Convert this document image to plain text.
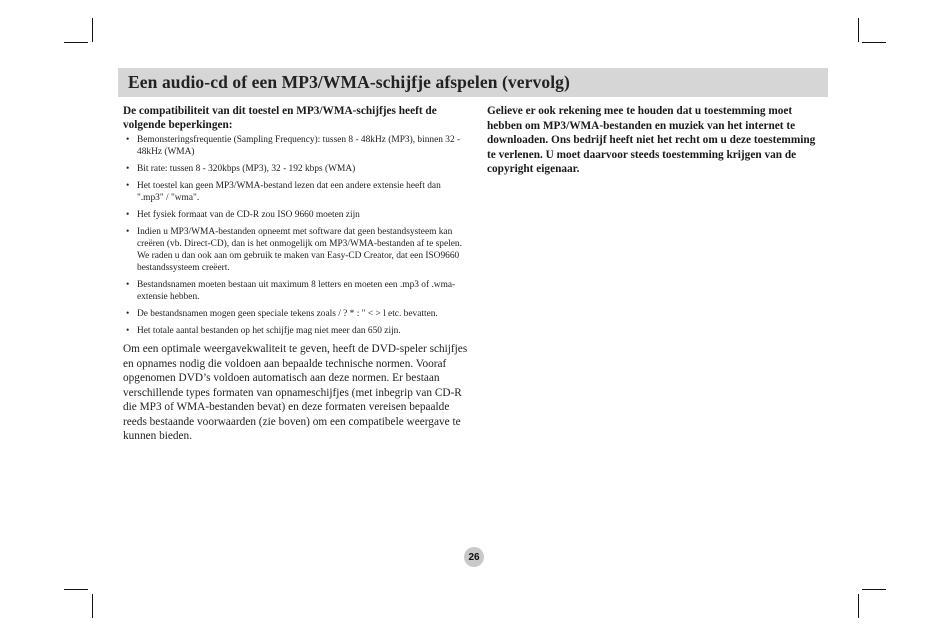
Een audio-cd of een MP3/WMA-schijfje afspelen (vervolg)

De compatibiliteit van dit toestel en MP3/WMA-schijfjes heeft de volgende beperkingen:

• Bemonsteringsfrequentie (Sampling Frequency): tussen 8 - 48kHz (MP3), binnen 32 - 48kHz (WMA)
• Bit rate: tussen 8 - 320kbps (MP3), 32 - 192 kbps (WMA)
• Het toestel kan geen MP3/WMA-bestand lezen dat een andere extensie heeft dan ".mp3" / "wma".
• Het fysiek formaat van de CD-R zou ISO 9660 moeten zijn
• Indien u MP3/WMA-bestanden opneemt met software dat geen bestandsysteem kan creëren (vb. Direct-CD), dan is het onmogelijk om MP3/WMA-bestanden af te spelen. We raden u dan ook aan om gebruik te maken van Easy-CD Creator, dat een ISO9660 bestandssysteem creëert.
• Bestandsnamen moeten bestaan uit maximum 8 letters en moeten een .mp3 of .wma-extensie hebben.
• De bestandsnamen mogen geen speciale tekens zoals / ? * : " < > l etc. bevatten.
• Het totale aantal bestanden op het schijfje mag niet meer dan 650 zijn.

Om een optimale weergavekwaliteit te geven, heeft de DVD-speler schijfjes en opnames nodig die voldoen aan bepaalde technische normen. Vooraf opgenomen DVD’s voldoen automatisch aan deze normen. Er bestaan verschillende types formaten van opnameschijfjes (met inbegrip van CD-R die MP3 of WMA-bestanden bevat) en deze formaten vereisen bepaalde reeds bestaande voorwaarden (zie boven) om een compatibele weergave te kunnen bieden.

Gelieve er ook rekening mee te houden dat u toestemming moet hebben om MP3/WMA-bestanden en muziek van het internet te downloaden. Ons bedrijf heeft niet het recht om u deze toestemming te verlenen. U moet daarvoor steeds toestemming krijgen van de copyright eigenaar.

26
